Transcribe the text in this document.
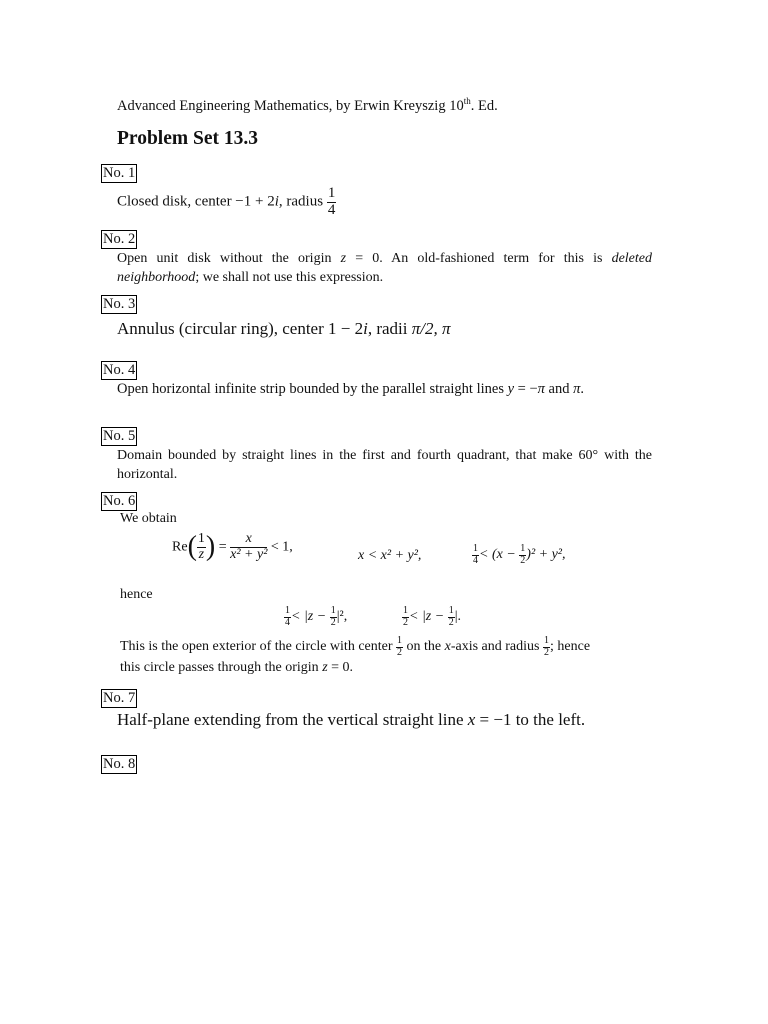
Advanced Engineering Mathematics, by Erwin Kreyszig 10th. Ed.
Problem Set 13.3
No. 1
Closed disk, center −1 + 2i, radius $\frac{1}{4}$
No. 2
Open unit disk without the origin z = 0. An old-fashioned term for this is deleted neighborhood; we shall not use this expression.
No. 3
Annulus (circular ring), center 1 − 2i, radii π/2, π
No. 4
Open horizontal infinite strip bounded by the parallel straight lines y = −π and π.
No. 5
Domain bounded by straight lines in the first and fourth quadrant, that make 60° with the horizontal.
No. 6
We obtain
$Re( \frac{1}{z}$ ) = $\frac{x}{\text{x² + y²}} < 1$,
x < x² + y²,	$\frac{1}{4} < (x - \frac{1}{2} )^2 + y^2$,
hence
$\frac{1}{4} < |z - \frac{1}{2} |^2$,	$\frac{1}{2} < |z - \frac{1}{2}$ |.
This is the open exterior of the circle with center $\frac{1}{2}$ on the x-axis and radius $\frac{1}{2}$ ; hence
this circle passes through the origin z = 0.
No. 7
Half-plane extending from the vertical straight line x = −1 to the left.
No. 8
